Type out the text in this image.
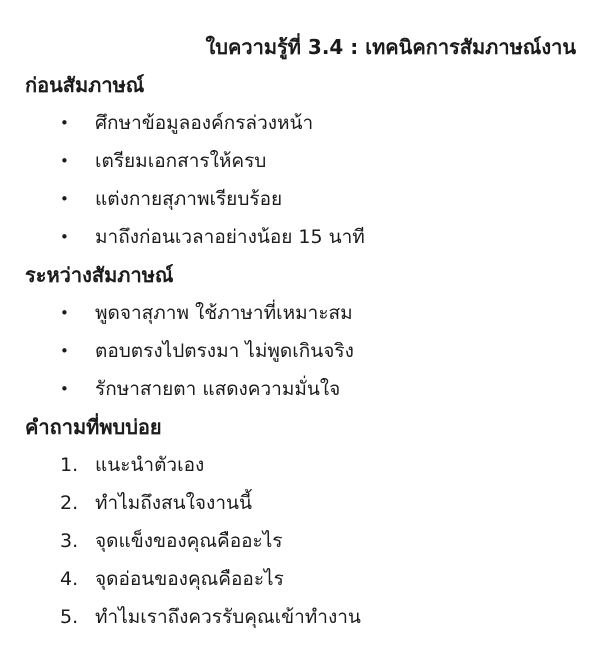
ใบความรู้ที่ 3.4 : เทคนิคการสัมภาษณ์งาน
ก่อนสัมภาษณ์
•	ศึกษาข้อมูลองค์กรล่วงหน้า
•	เตรียมเอกสารให้ครบ
•	แต่งกายสุภาพเรียบร้อย
•	มาถึงก่อนเวลาอย่างน้อย 15 นาที
ระหว่างสัมภาษณ์
•	พูดจาสุภาพ ใช้ภาษาที่เหมาะสม
•	ตอบตรงไปตรงมา ไม่พูดเกินจริง
•	รักษาสายตา แสดงความมั่นใจ
คำถามที่พบบ่อย
1. แนะนำตัวเอง
2. ทำไมถึงสนใจงานนี้
3. จุดแข็งของคุณคืออะไร
4. จุดอ่อนของคุณคืออะไร
5. ทำไมเราถึงควรรับคุณเข้าทำงาน
